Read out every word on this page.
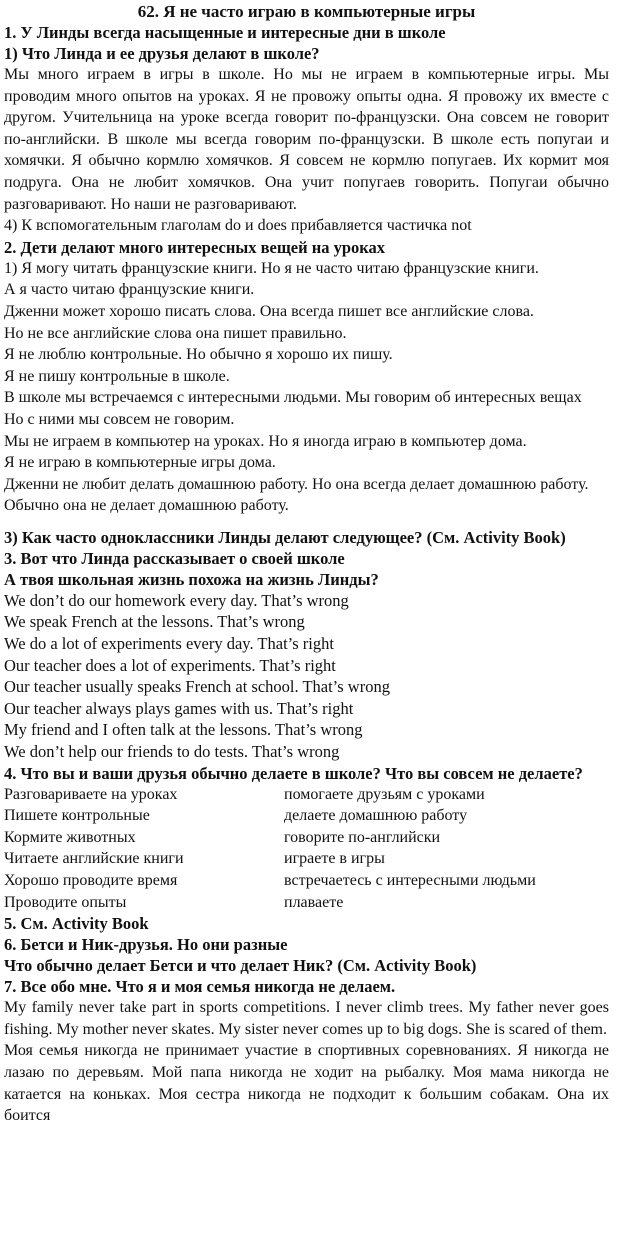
62. Я не часто играю в компьютерные игры
1. У Линды всегда насыщенные и интересные дни в школе
1) Что Линда и ее друзья делают в школе?
Мы много играем в игры в школе. Но мы не играем в компьютерные игры. Мы проводим много опытов на уроках. Я не провожу опыты одна. Я провожу их вместе с другом. Учительница на уроке всегда говорит по-французски. Она совсем не говорит по-английски. В школе мы всегда говорим по-французски. В школе есть попугаи и хомячки. Я обычно кормлю хомячков. Я совсем не кормлю попугаев. Их кормит моя подруга. Она не любит хомячков. Она учит попугаев говорить. Попугаи обычно разговаривают. Но наши не разговаривают.
4) К вспомогательным глаголам do и does прибавляется частичка not
2. Дети делают много интересных вещей на уроках
1) Я могу читать французские книги. Но я не часто читаю французские книги.
А я часто читаю французские книги.
Дженни может хорошо писать слова. Она всегда пишет все английские слова.
Но не все английские слова она пишет правильно.
Я не люблю контрольные. Но обычно я хорошо их пишу.
Я не пишу контрольные в школе.
В школе мы встречаемся с интересными людьми. Мы говорим об интересных вещах
Но с ними мы совсем не говорим.
Мы не играем в компьютер на уроках. Но я иногда играю в компьютер дома.
Я не играю в компьютерные игры дома.
Дженни не любит делать домашнюю работу. Но она всегда делает домашнюю работу.
Обычно она не делает домашнюю работу.
3) Как часто одноклассники Линды делают следующее? (См. Activity Book)
3. Вот что Линда рассказывает о своей школе
А твоя школьная жизнь похожа на жизнь Линды?
We don’t do our homework every day. That’s wrong
We speak French at the lessons. That’s wrong
We do a lot of experiments every day. That’s right
Our teacher does a lot of experiments. That’s right
Our teacher usually speaks French at school. That’s wrong
Our teacher always plays games with us. That’s right
My friend and I often talk at the lessons. That’s wrong
We don’t help our friends to do tests. That’s wrong
4. Что вы и ваши друзья обычно делаете в школе? Что вы совсем не делаете?
Разговариваете на уроках	помогаете друзьям с уроками
Пишете контрольные	делаете домашнюю работу
Кормите животных	говорите по-английски
Читаете английские книги	играете в игры
Хорошо проводите время	встречаетесь с интересными людьми
Проводите опыты	плаваете
5. См. Activity Book
6. Бетси и Ник-друзья. Но они разные
Что обычно делает Бетси и что делает Ник? (См. Activity Book)
7. Все обо мне. Что я и моя семья никогда не делаем.
My family never take part in sports competitions. I never climb trees. My father never goes fishing. My mother never skates. My sister never comes up to big dogs. She is scared of them.
Моя семья никогда не принимает участие в спортивных соревнованиях. Я никогда не лазаю по деревьям. Мой папа никогда не ходит на рыбалку. Моя мама никогда не катается на коньках. Моя сестра никогда не подходит к большим собакам. Она их боится
